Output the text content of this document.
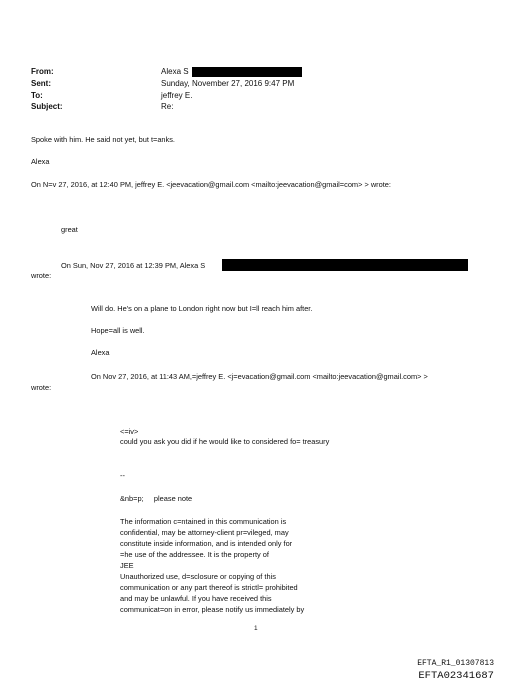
From:	Alexa S
Sent:	Sunday, November 27, 2016 9:47 PM
To:	jeffrey E.
Subject:	Re:
Spoke with him. He said not yet, but t=anks.
Alexa
On N=v 27, 2016, at 12:40 PM, jeffrey E. <jeevacation@gmail.com <mailto:jeevacation@gmail=com> > wrote:
great
On Sun, Nov 27, 2016 at 12:39 PM, Alexa S
wrote:
Will do. He's on a plane to London right now but I=ll reach him after.
Hope=all is well.
Alexa
On Nov 27, 2016, at 11:43 AM,=jeffrey E. <j=evacation@gmail.com <mailto:jeevacation@gmail.com> >
wrote:
<=iv>
could you ask you did if he would like to considered fo= treasury
--
&nb=p;     please note
The information c=ntained in this communication is
confidential, may be attorney-client pr=vileged, may
constitute inside information, and is intended only for
=he use of the addressee. It is the property of
JEE
Unauthorized use, d=sclosure or copying of this
communication or any part thereof is strictl= prohibited
and may be unlawful. If you have received this
communicat=on in error, please notify us immediately by
1
EFTA_R1_01307813
EFTA02341687
